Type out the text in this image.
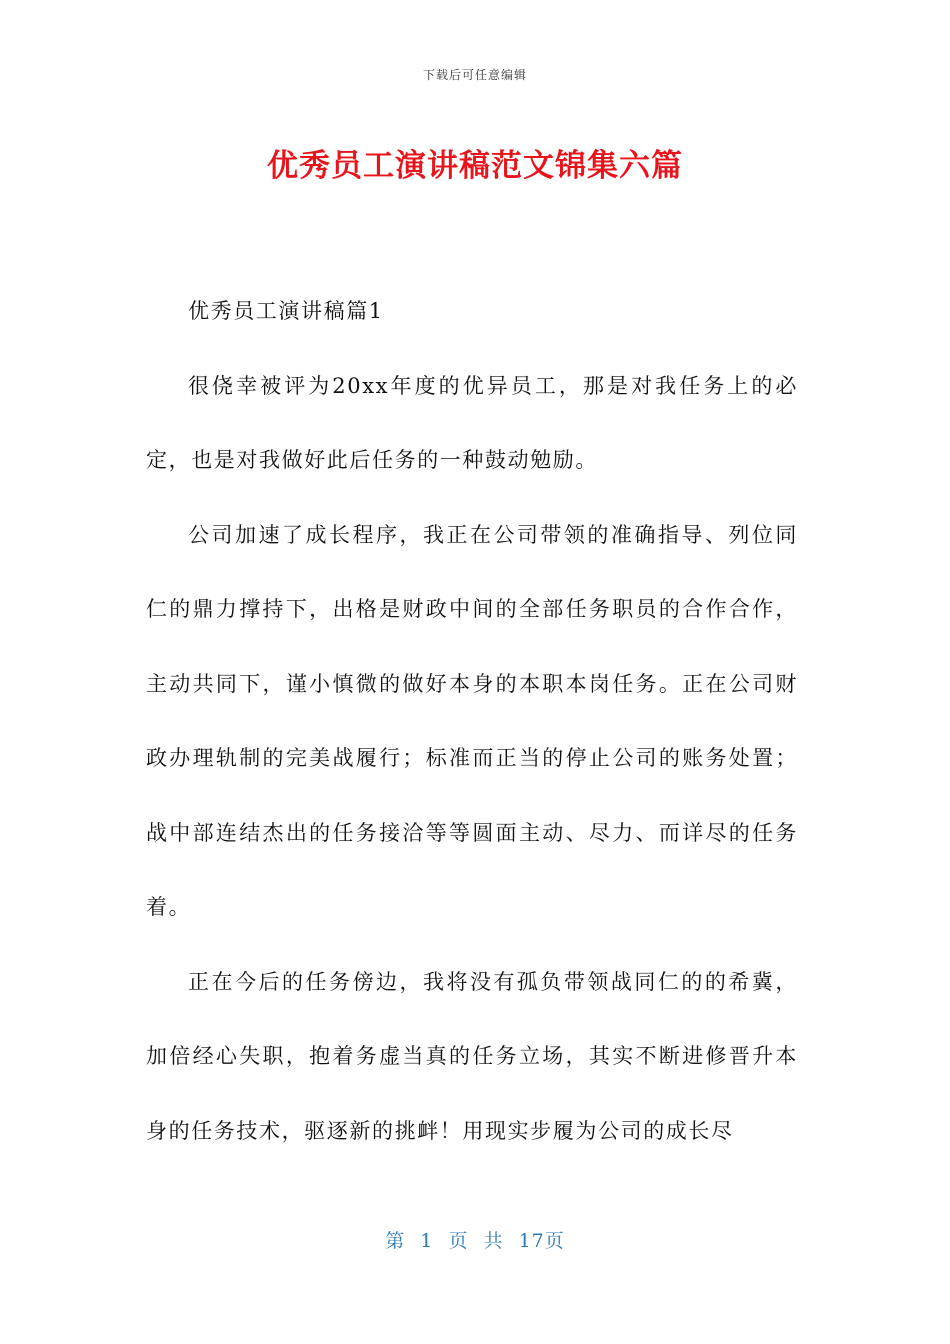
下载后可任意编辑
优秀员工演讲稿范文锦集六篇

优秀员工演讲稿篇1

很侥幸被评为20xx年度的优异员工，那是对我任务上的必定，也是对我做好此后任务的一种鼓动勉励。

公司加速了成长程序，我正在公司带领的准确指导、列位同仁的鼎力撑持下，出格是财政中间的全部任务职员的合作合作，主动共同下，谨小慎微的做好本身的本职本岗任务。正在公司财政办理轨制的完美战履行；标准而正当的停止公司的账务处置；战中部连结杰出的任务接洽等等圆面主动、尽力、而详尽的任务着。

正在今后的任务傍边，我将没有孤负带领战同仁的的希冀，加倍经心失职，抱着务虚当真的任务立场，其实不断进修晋升本身的任务技术，驱逐新的挑衅！用现实步履为公司的成长尽

第 1 页 共 17页
